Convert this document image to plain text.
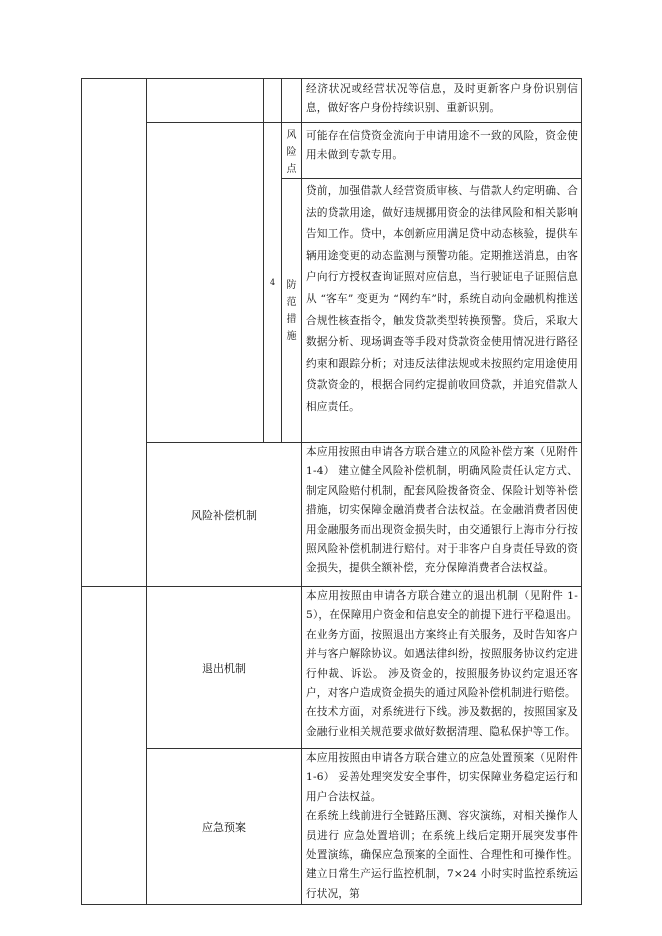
				经济状况或经营状况等信息，及时更新客户身份识别信息，做好客户身份持续识别、重新识别。

		4	风险点	可能存在信贷资金流向于申请用途不一致的风险，资金使用未做到专款专用。

			防范措施	贷前，加强借款人经营资质审核、与借款人约定明确、合法的贷款用途，做好违规挪用资金的法律风险和相关影响告知工作。贷中，本创新应用满足贷中动态核验，提供车辆用途变更的动态监测与预警功能。定期推送消息，由客户向行方授权查询证照对应信息，当行驶证电子证照信息从 “客车” 变更为 “网约车”时，系统自动向金融机构推送合规性核查指令，触发贷款类型转换预警。贷后，采取大数据分析、现场调查等手段对贷款资金使用情况进行路径约束和跟踪分析；对违反法律法规或未按照约定用途使用贷款资金的，根据合同约定提前收回贷款，并追究借款人相应责任。

	风险补偿机制			本应用按照由申请各方联合建立的风险补偿方案（见附件1-4） 建立健全风险补偿机制，明确风险责任认定方式、制定风险赔付机制，配套风险拨备资金、保险计划等补偿措施，切实保障金融消费者合法权益。在金融消费者因使用金融服务而出现资金损失时，由交通银行上海市分行按照风险补偿机制进行赔付。对于非客户自身责任导致的资金损失，提供全额补偿，充分保障消费者合法权益。

	退出机制			本应用按照由申请各方联合建立的退出机制（见附件 1-5），在保障用户资金和信息安全的前提下进行平稳退出。

在业务方面，按照退出方案终止有关服务，及时告知客户并与客户解除协议。如遇法律纠纷，按照服务协议约定进行仲裁、诉讼。 涉及资金的，按照服务协议约定退还客户，对客户造成资金损失的通过风险补偿机制进行赔偿。

在技术方面，对系统进行下线。涉及数据的，按照国家及金融行业相关规范要求做好数据清理、隐私保护等工作。

	应急预案			本应用按照由申请各方联合建立的应急处置预案（见附件1-6） 妥善处理突发安全事件，切实保障业务稳定运行和用户合法权益。

在系统上线前进行全链路压测、容灾演练，对相关操作人员进行 应急处置培训；在系统上线后定期开展突发事件处置演练，确保应急预案的全面性、合理性和可操作性。建立日常生产运行监控机制，7×24 小时实时监控系统运行状况，第
